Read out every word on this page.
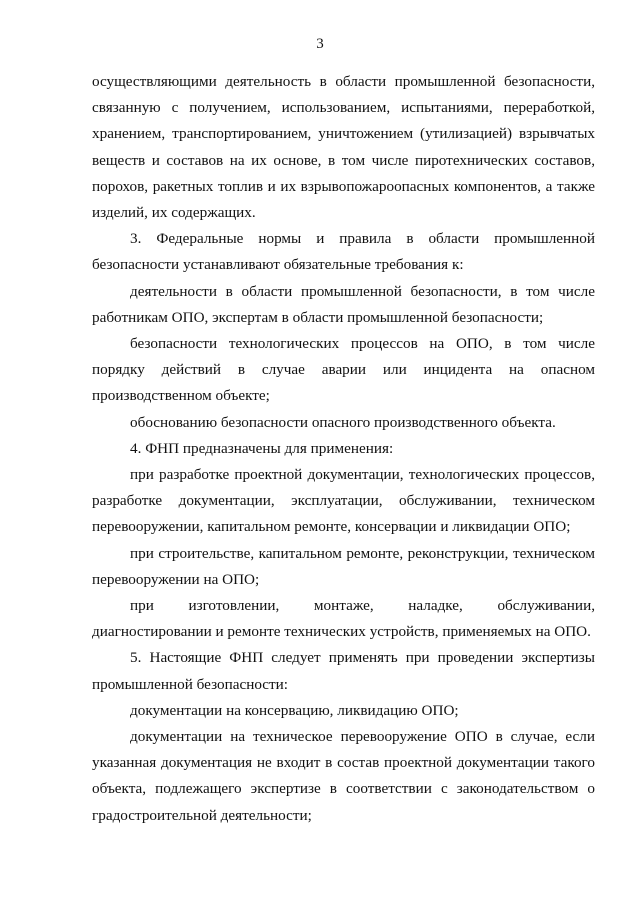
3

осуществляющими деятельность в области промышленной безопасности, связанную с получением, использованием, испытаниями, переработкой, хранением, транспортированием, уничтожением (утилизацией) взрывчатых веществ и составов на их основе, в том числе пиротехнических составов, порохов, ракетных топлив и их взрывопожароопасных компонентов, а также изделий, их содержащих.

3. Федеральные нормы и правила в области промышленной безопасности устанавливают обязательные требования к:

деятельности в области промышленной безопасности, в том числе работникам ОПО, экспертам в области промышленной безопасности;

безопасности технологических процессов на ОПО, в том числе порядку действий в случае аварии или инцидента на опасном производственном объекте;

обоснованию безопасности опасного производственного объекта.

4. ФНП предназначены для применения:

при разработке проектной документации, технологических процессов, разработке документации, эксплуатации, обслуживании, техническом перевооружении, капитальном ремонте, консервации и ликвидации ОПО;

при строительстве, капитальном ремонте, реконструкции, техническом перевооружении на ОПО;

при изготовлении, монтаже, наладке, обслуживании, диагностировании и ремонте технических устройств, применяемых на ОПО.

5. Настоящие ФНП следует применять при проведении экспертизы промышленной безопасности:

документации на консервацию, ликвидацию ОПО;

документации на техническое перевооружение ОПО в случае, если указанная документация не входит в состав проектной документации такого объекта, подлежащего экспертизе в соответствии с законодательством о градостроительной деятельности;
